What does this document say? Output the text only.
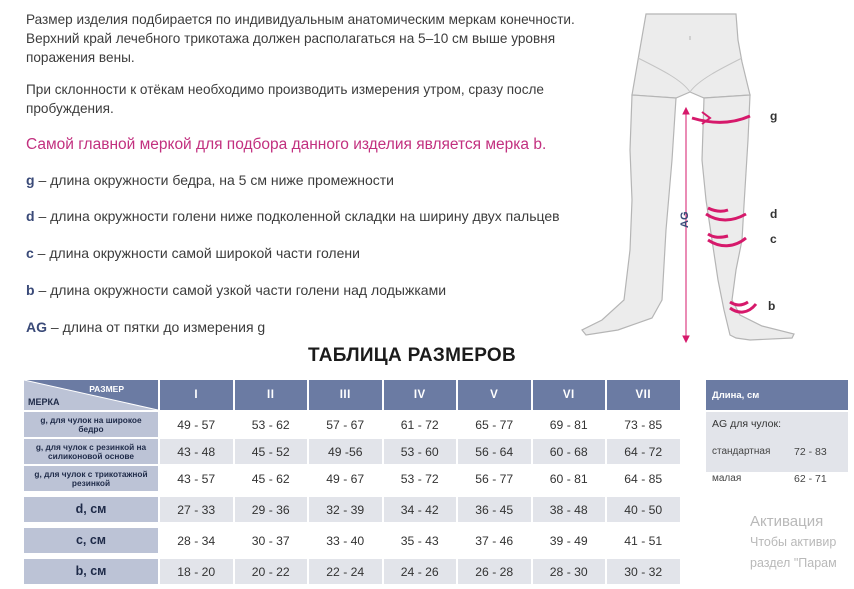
Размер изделия подбирается по индивидуальным анатомическим меркам конечности. Верхний край лечебного трикотажа должен располагаться на 5–10 см выше уровня поражения вены.
При склонности к отёкам необходимо производить измерения утром, сразу после пробуждения.
Самой главной меркой для подбора данного изделия является мерка b.
g – длина окружности бедра, на 5 см ниже промежности
d – длина окружности голени ниже подколенной складки на ширину двух пальцев
c – длина окружности самой широкой части голени
b – длина окружности самой узкой части голени над лодыжками
AG – длина от пятки до измерения g
AG
g
d
c
b
ТАБЛИЦА РАЗМЕРОВ
РАЗМЕР
МЕРКА
I	II	III	IV	V	VI	VII
g, для чулок на широкое бедро	49 - 57	53 - 62	57 - 67	61 - 72	65 - 77	69 - 81	73 - 85
g, для чулок с резинкой на силиконовой основе	43 - 48	45 - 52	49 -56	53 - 60	56 - 64	60 - 68	64 - 72
g, для чулок с трикотажной резинкой	43 - 57	45 - 62	49 - 67	53 - 72	56 - 77	60 - 81	64 - 85
d, см	27 - 33	29 - 36	32 - 39	34 - 42	36 - 45	38 - 48	40 - 50
c, см	28 - 34	30 - 37	33 - 40	35 - 43	37 - 46	39 - 49	41 - 51
b, см	18 - 20	20 - 22	22 - 24	24 - 26	26 - 28	28 - 30	30 - 32
Длина, см
AG для чулок:
стандартная 72 - 83
малая	62 - 71
Активация
Чтобы активир
раздел "Парам
